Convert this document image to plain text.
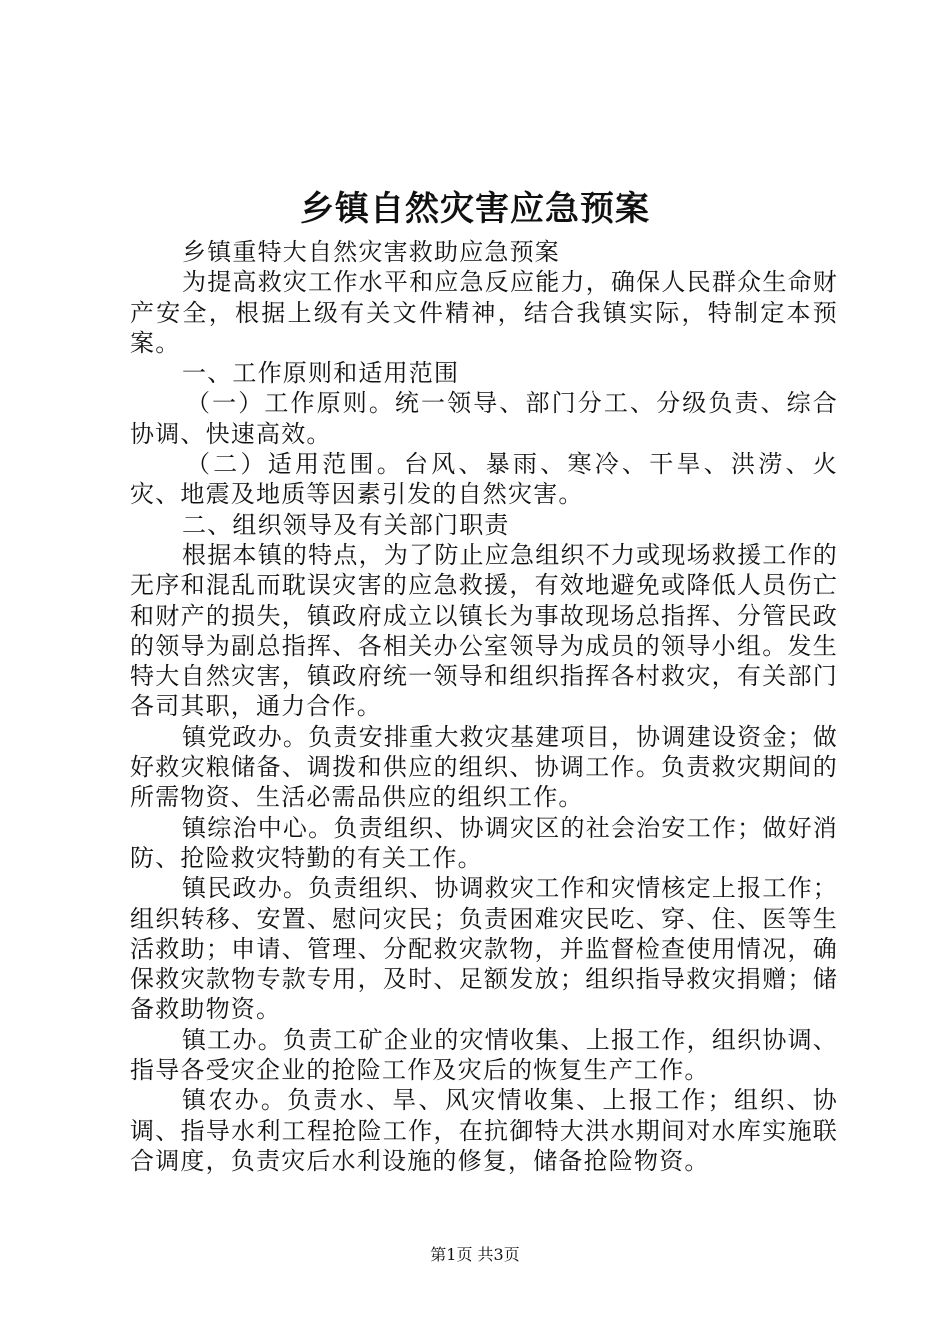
乡镇自然灾害应急预案

乡镇重特大自然灾害救助应急预案

为提高救灾工作水平和应急反应能力，确保人民群众生命财产安全，根据上级有关文件精神，结合我镇实际，特制定本预案。

一、工作原则和适用范围

（一）工作原则。统一领导、部门分工、分级负责、综合协调、快速高效。

（二）适用范围。台风、暴雨、寒冷、干旱、洪涝、火灾、地震及地质等因素引发的自然灾害。

二、组织领导及有关部门职责

根据本镇的特点，为了防止应急组织不力或现场救援工作的无序和混乱而耽误灾害的应急救援，有效地避免或降低人员伤亡和财产的损失，镇政府成立以镇长为事故现场总指挥、分管民政的领导为副总指挥、各相关办公室领导为成员的领导小组。发生特大自然灾害，镇政府统一领导和组织指挥各村救灾，有关部门各司其职，通力合作。

镇党政办。负责安排重大救灾基建项目，协调建设资金；做好救灾粮储备、调拨和供应的组织、协调工作。负责救灾期间的所需物资、生活必需品供应的组织工作。

镇综治中心。负责组织、协调灾区的社会治安工作；做好消防、抢险救灾特勤的有关工作。

镇民政办。负责组织、协调救灾工作和灾情核定上报工作；组织转移、安置、慰问灾民；负责困难灾民吃、穿、住、医等生活救助；申请、管理、分配救灾款物，并监督检查使用情况，确保救灾款物专款专用，及时、足额发放；组织指导救灾捐赠；储备救助物资。

镇工办。负责工矿企业的灾情收集、上报工作，组织协调、指导各受灾企业的抢险工作及灾后的恢复生产工作。

镇农办。负责水、旱、风灾情收集、上报工作；组织、协调、指导水利工程抢险工作，在抗御特大洪水期间对水库实施联合调度，负责灾后水利设施的修复，储备抢险物资。

第1页 共3页
